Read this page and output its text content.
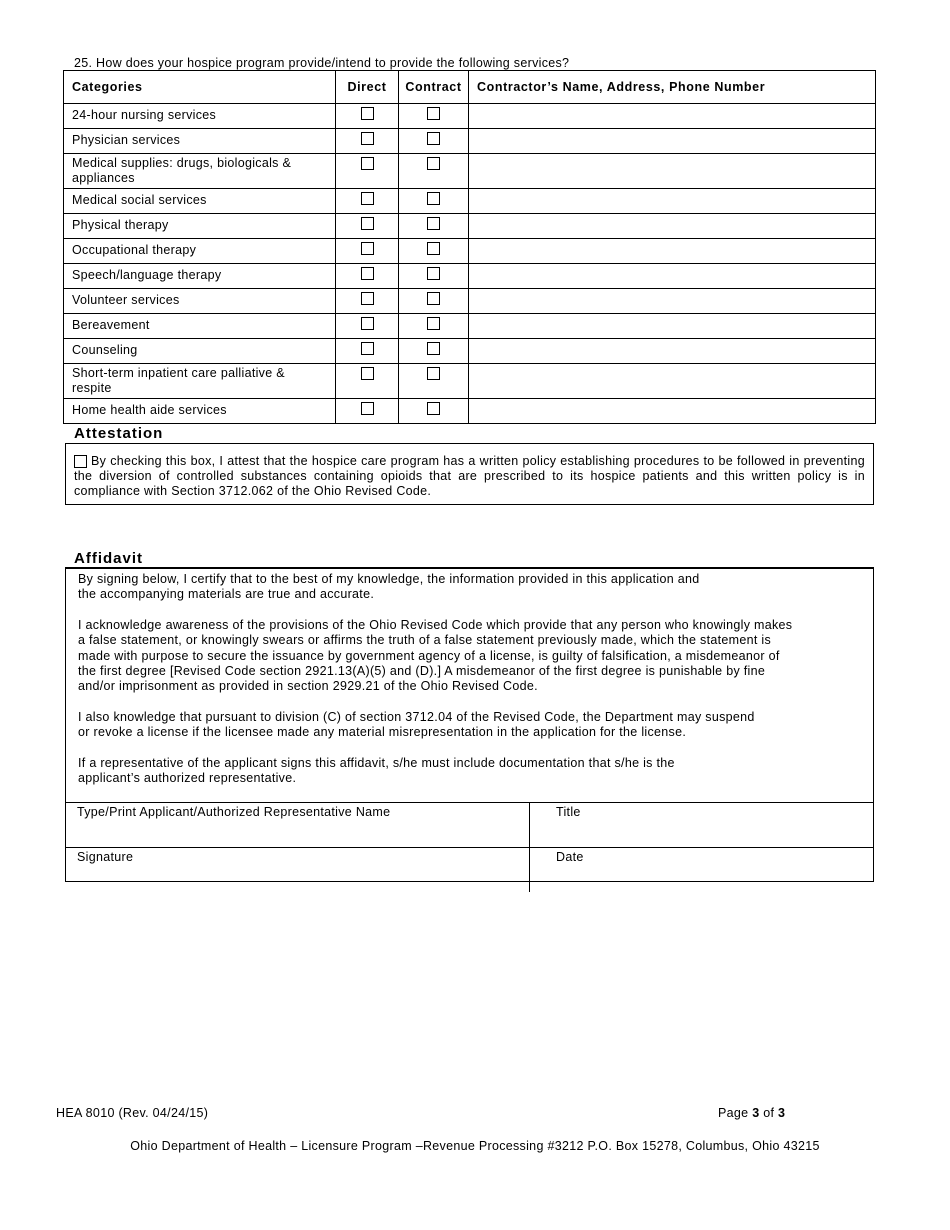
25. How does your hospice program provide/intend to provide the following services?
Categories	Direct	Contract	Contractor’s Name, Address, Phone Number
24-hour nursing services			
Physician services			
Medical supplies: drugs, biologicals & appliances			
Medical social services			
Physical therapy			
Occupational therapy			
Speech/language therapy			
Volunteer services			
Bereavement			
Counseling			
Short-term inpatient care palliative & respite			
Home health aide services			
Attestation
By checking this box, I attest that the hospice care program has a written policy establishing procedures to be followed in preventing the diversion of controlled substances containing opioids that are prescribed to its hospice patients and this written policy is in compliance with Section 3712.062 of the Ohio Revised Code.
Affidavit

By signing below, I certify that to the best of my knowledge, the information provided in this application and
the accompanying materials are true and accurate.

I acknowledge awareness of the provisions of the Ohio Revised Code which provide that any person who knowingly makes
a false statement, or knowingly swears or affirms the truth of a false statement previously made, which the statement is
made with purpose to secure the issuance by government agency of a license, is guilty of falsification, a misdemeanor of
the first degree [Revised Code section 2921.13(A)(5) and (D).] A misdemeanor of the first degree is punishable by fine
and/or imprisonment as provided in section 2929.21 of the Ohio Revised Code.

I also knowledge that pursuant to division (C) of section 3712.04 of the Revised Code, the Department may suspend
or revoke a license if the licensee made any material misrepresentation in the application for the license.

If a representative of the applicant signs this affidavit, s/he must include documentation that s/he is the
applicant’s authorized representative.

Type/Print Applicant/Authorized Representative Name	Title
Signature	Date
HEA 8010 (Rev. 04/24/15)	Page 3 of 3
Ohio Department of Health – Licensure Program –Revenue Processing #3212 P.O. Box 15278, Columbus, Ohio 43215
